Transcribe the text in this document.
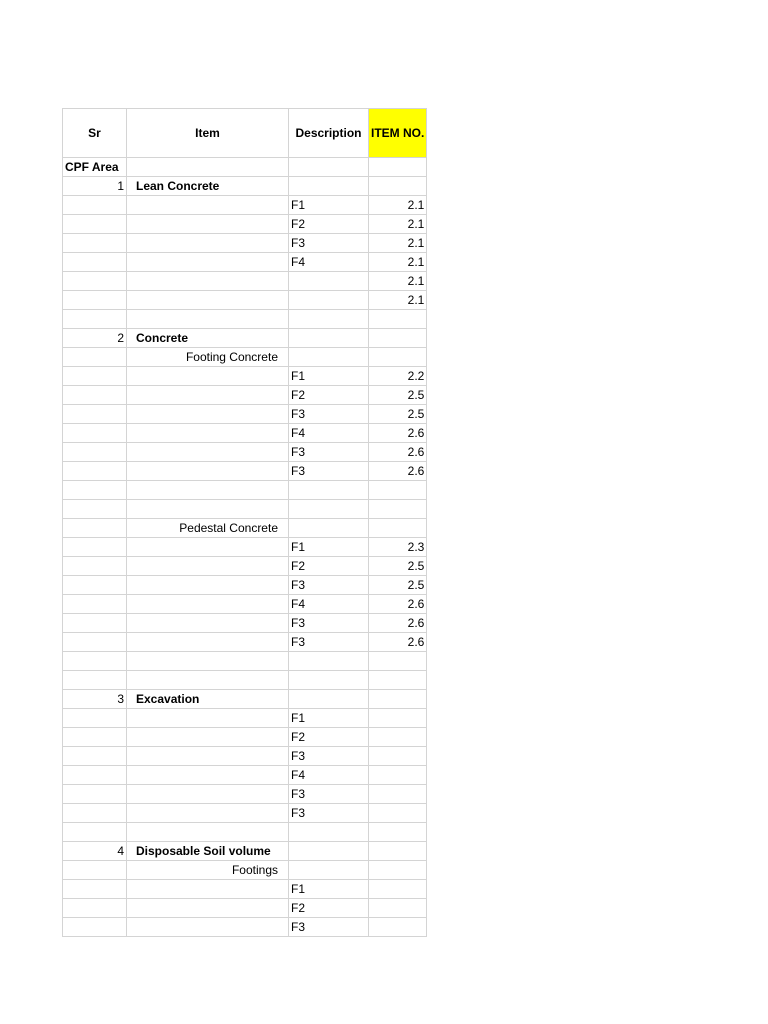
Sr	Item	Description	ITEM NO.
CPF Area			
1	Lean Concrete		
		F1	2.1
		F2	2.1
		F3	2.1
		F4	2.1
			2.1
			2.1

2	Concrete		
	Footing Concrete		
		F1	2.2
		F2	2.5
		F3	2.5
		F4	2.6
		F3	2.6
		F3	2.6

	Pedestal Concrete		
		F1	2.3
		F2	2.5
		F3	2.5
		F4	2.6
		F3	2.6
		F3	2.6

3	Excavation		
		F1	
		F2	
		F3	
		F4	
		F3	
		F3	

4	Disposable Soil volume		
	Footings		
		F1	
		F2	
		F3	
